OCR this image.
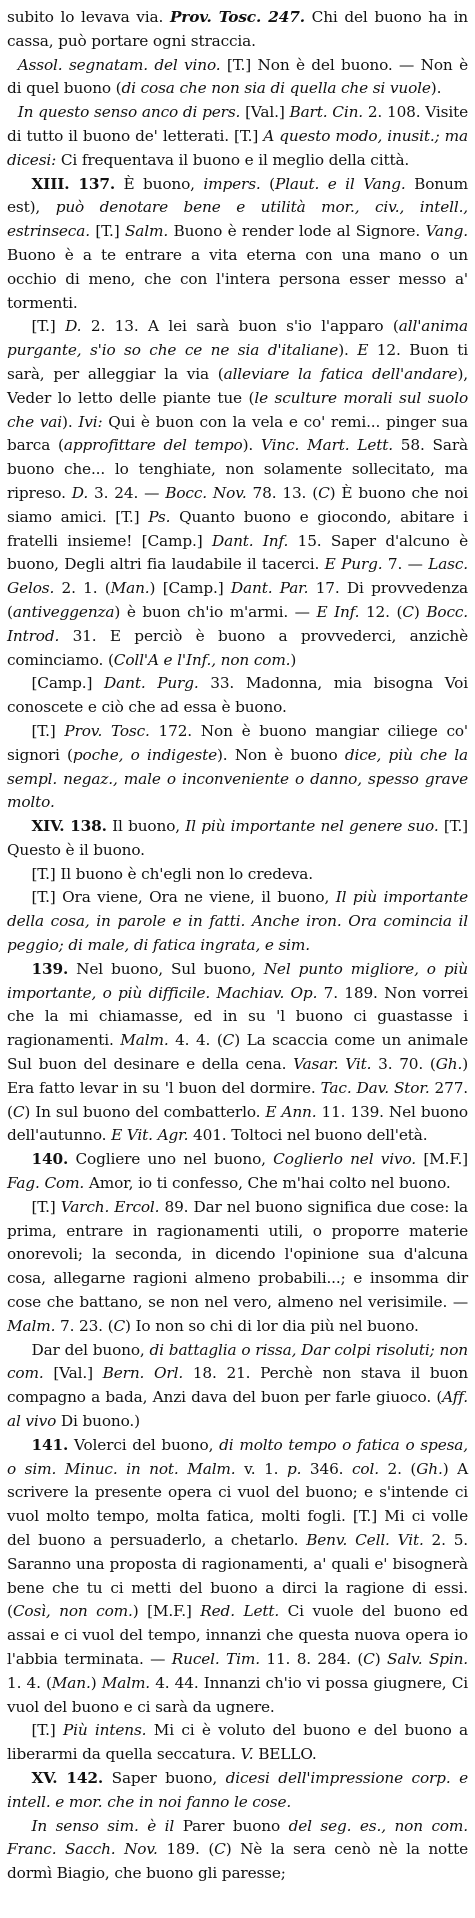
subito lo levava via. Prov. Tosc. 247. Chi del buono ha in cassa, può portare ogni straccia.

Assol. segnatam. del vino. [T.] Non è del buono. — Non è di quel buono (di cosa che non sia di quella che si vuole).

In questo senso anco di pers. [Val.] Bart. Cin. 2. 108. Visite di tutto il buono de' letterati. [T.] A questo modo, inusit.; ma dicesi: Ci frequentava il buono e il meglio della città.

XIII. 137. È buono, impers. (Plaut. e il Vang. Bonum est), può denotare bene e utilità mor., civ., intell., estrinseca. [T.] Salm. Buono è render lode al Signore. Vang. Buono è a te entrare a vita eterna con una mano o un occhio di meno, che con l'intera persona esser messo a' tormenti.

[T.] D. 2. 13. A lei sarà buon s'io l'apparo (all'anima purgante, s'io so che ce ne sia d'italiane). E 12. Buon ti sarà, per alleggiar la via (alleviare la fatica dell'andare), Veder lo letto delle piante tue (le sculture morali sul suolo che vai). Ivi: Qui è buon con la vela e co' remi... pinger sua barca (approfittare del tempo). Vinc. Mart. Lett. 58. Sarà buono che... lo tenghiate, non solamente sollecitato, ma ripreso. D. 3. 24. — Bocc. Nov. 78. 13. (C) È buono che noi siamo amici. [T.] Ps. Quanto buono e giocondo, abitare i fratelli insieme! [Camp.] Dant. Inf. 15. Saper d'alcuno è buono, Degli altri fia laudabile il tacerci. E Purg. 7. — Lasc. Gelos. 2. 1. (Man.) [Camp.] Dant. Par. 17. Di provvedenza (antiveggenza) è buon ch'io m'armi. — E Inf. 12. (C) Bocc. Introd. 31. E perciò è buono a provvederci, anzichè cominciamo. (Coll'A e l'Inf., non com.)

[Camp.] Dant. Purg. 33. Madonna, mia bisogna Voi conoscete e ciò che ad essa è buono.

[T.] Prov. Tosc. 172. Non è buono mangiar ciliege co' signori (poche, o indigeste). Non è buono dice, più che la sempl. negaz., male o inconveniente o danno, spesso grave molto.

XIV. 138. Il buono, Il più importante nel genere suo. [T.] Questo è il buono.

[T.] Il buono è ch'egli non lo credeva.

[T.] Ora viene, Ora ne viene, il buono, Il più importante della cosa, in parole e in fatti. Anche iron. Ora comincia il peggio; di male, di fatica ingrata, e sim.

139. Nel buono, Sul buono, Nel punto migliore, o più importante, o più difficile. Machiav. Op. 7. 189. Non vorrei che la mi chiamasse, ed in su 'l buono ci guastasse i ragionamenti. Malm. 4. 4. (C) La scaccia come un animale Sul buon del desinare e della cena. Vasar. Vit. 3. 70. (Gh.) Era fatto levar in su 'l buon del dormire. Tac. Dav. Stor. 277. (C) In sul buono del combatterlo. E Ann. 11. 139. Nel buono dell'autunno. E Vit. Agr. 401. Toltoci nel buono dell'età.

140. Cogliere uno nel buono, Coglierlo nel vivo. [M.F.] Fag. Com. Amor, io ti confesso, Che m'hai colto nel buono.

[T.] Varch. Ercol. 89. Dar nel buono significa due cose: la prima, entrare in ragionamenti utili, o proporre materie onorevoli; la seconda, in dicendo l'opinione sua d'alcuna cosa, allegarne ragioni almeno probabili...; e insomma dir cose che battano, se non nel vero, almeno nel verisimile. — Malm. 7. 23. (C) Io non so chi di lor dia più nel buono.

Dar del buono, di battaglia o rissa, Dar colpi risoluti; non com. [Val.] Bern. Orl. 18. 21. Perchè non stava il buon compagno a bada, Anzi dava del buon per farle giuoco. (Aff. al vivo Di buono.)

141. Volerci del buono, di molto tempo o fatica o spesa, o sim. Minuc. in not. Malm. v. 1. p. 346. col. 2. (Gh.) A scrivere la presente opera ci vuol del buono; e s'intende ci vuol molto tempo, molta fatica, molti fogli. [T.] Mi ci volle del buono a persuaderlo, a chetarlo. Benv. Cell. Vit. 2. 5. Saranno una proposta di ragionamenti, a' quali e' bisognerà bene che tu ci metti del buono a dirci la ragione di essi. (Così, non com.) [M.F.] Red. Lett. Ci vuole del buono ed assai e ci vuol del tempo, innanzi che questa nuova opera io l'abbia terminata. — Rucel. Tim. 11. 8. 284. (C) Salv. Spin. 1. 4. (Man.) Malm. 4. 44. Innanzi ch'io vi possa giugnere, Ci vuol del buono e ci sarà da ugnere.

[T.] Più intens. Mi ci è voluto del buono e del buono a liberarmi da quella seccatura. V. BELLO.

XV. 142. Saper buono, dicesi dell'impressione corp. e intell. e mor. che in noi fanno le cose.

In senso sim. è il Parer buono del seg. es., non com. Franc. Sacch. Nov. 189. (C) Nè la sera cenò nè la notte dormì Biagio, che buono gli paresse;
